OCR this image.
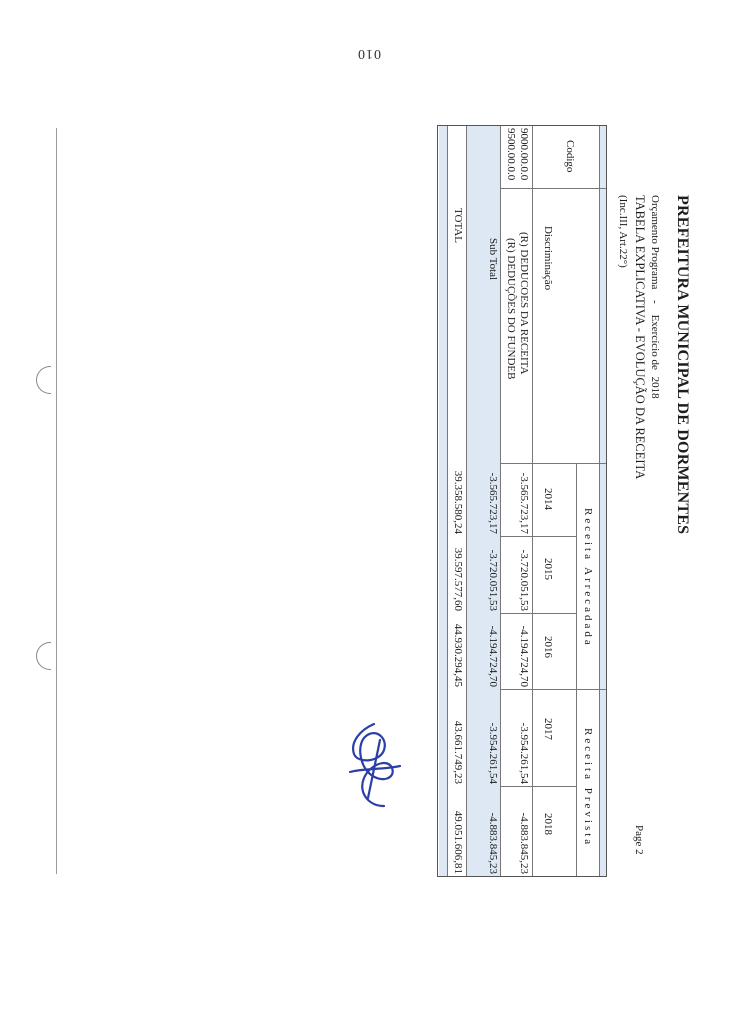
010
PREFEITURA MUNICIPAL DE DORMENTES
Orçamento Programa - Exercício de 2018
TABELA EXPLICATIVA - EVOLUÇÃO DA RECEITA
(Inc.III, Art.22°)
Page 2
Codigo
Discriminação
Receita Arrecadada
Receita Prevista
2014
2015
2016
2017
2018
9000.00.0.0
(R) DEDUCOES DA RECEITA
-3.565.723,17
-3.720.051,53
-4.194.724,70
-3.954.261,54
-4.883.845,23
9500.00.0.0
(R) DEDUÇÕES DO FUNDEB
Sub Total
-3.565.723,17
-3.720.051,53
-4.194.724,70
-3.954.261,54
-4.883.845,23
TOTAL
39.358.580,24
39.597.577,60
44.930.294,45
43.661.749,23
49.051.606,81
